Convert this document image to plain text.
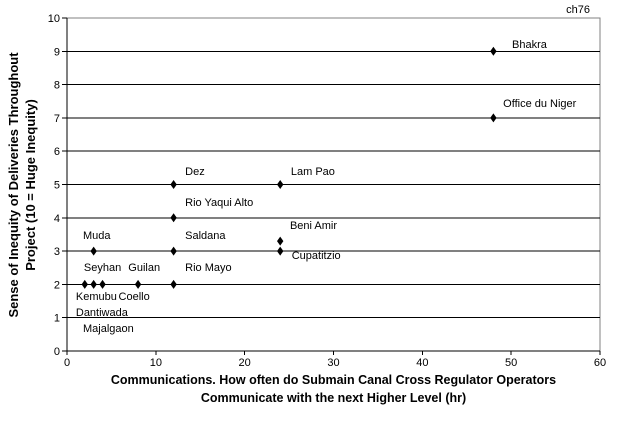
0	10	20	30	40	50	60
0
1
2
3
4
5
6
7
8
9
10
Bhakra
Office du Niger
Dez	Lam Pao
Rio Yaqui Alto
Beni Amir
Muda	Saldana
Cupatitzio
Seyhan Guilan Rio Mayo
Kemubu Coello
Dantiwada
Majalgaon
ch76
Sense of Inequity of Deliveries Throughout Project (10 = Huge Inequity)
Communications. How often do Submain Canal Cross Regulator Operators
Communicate with the next Higher Level (hr)
